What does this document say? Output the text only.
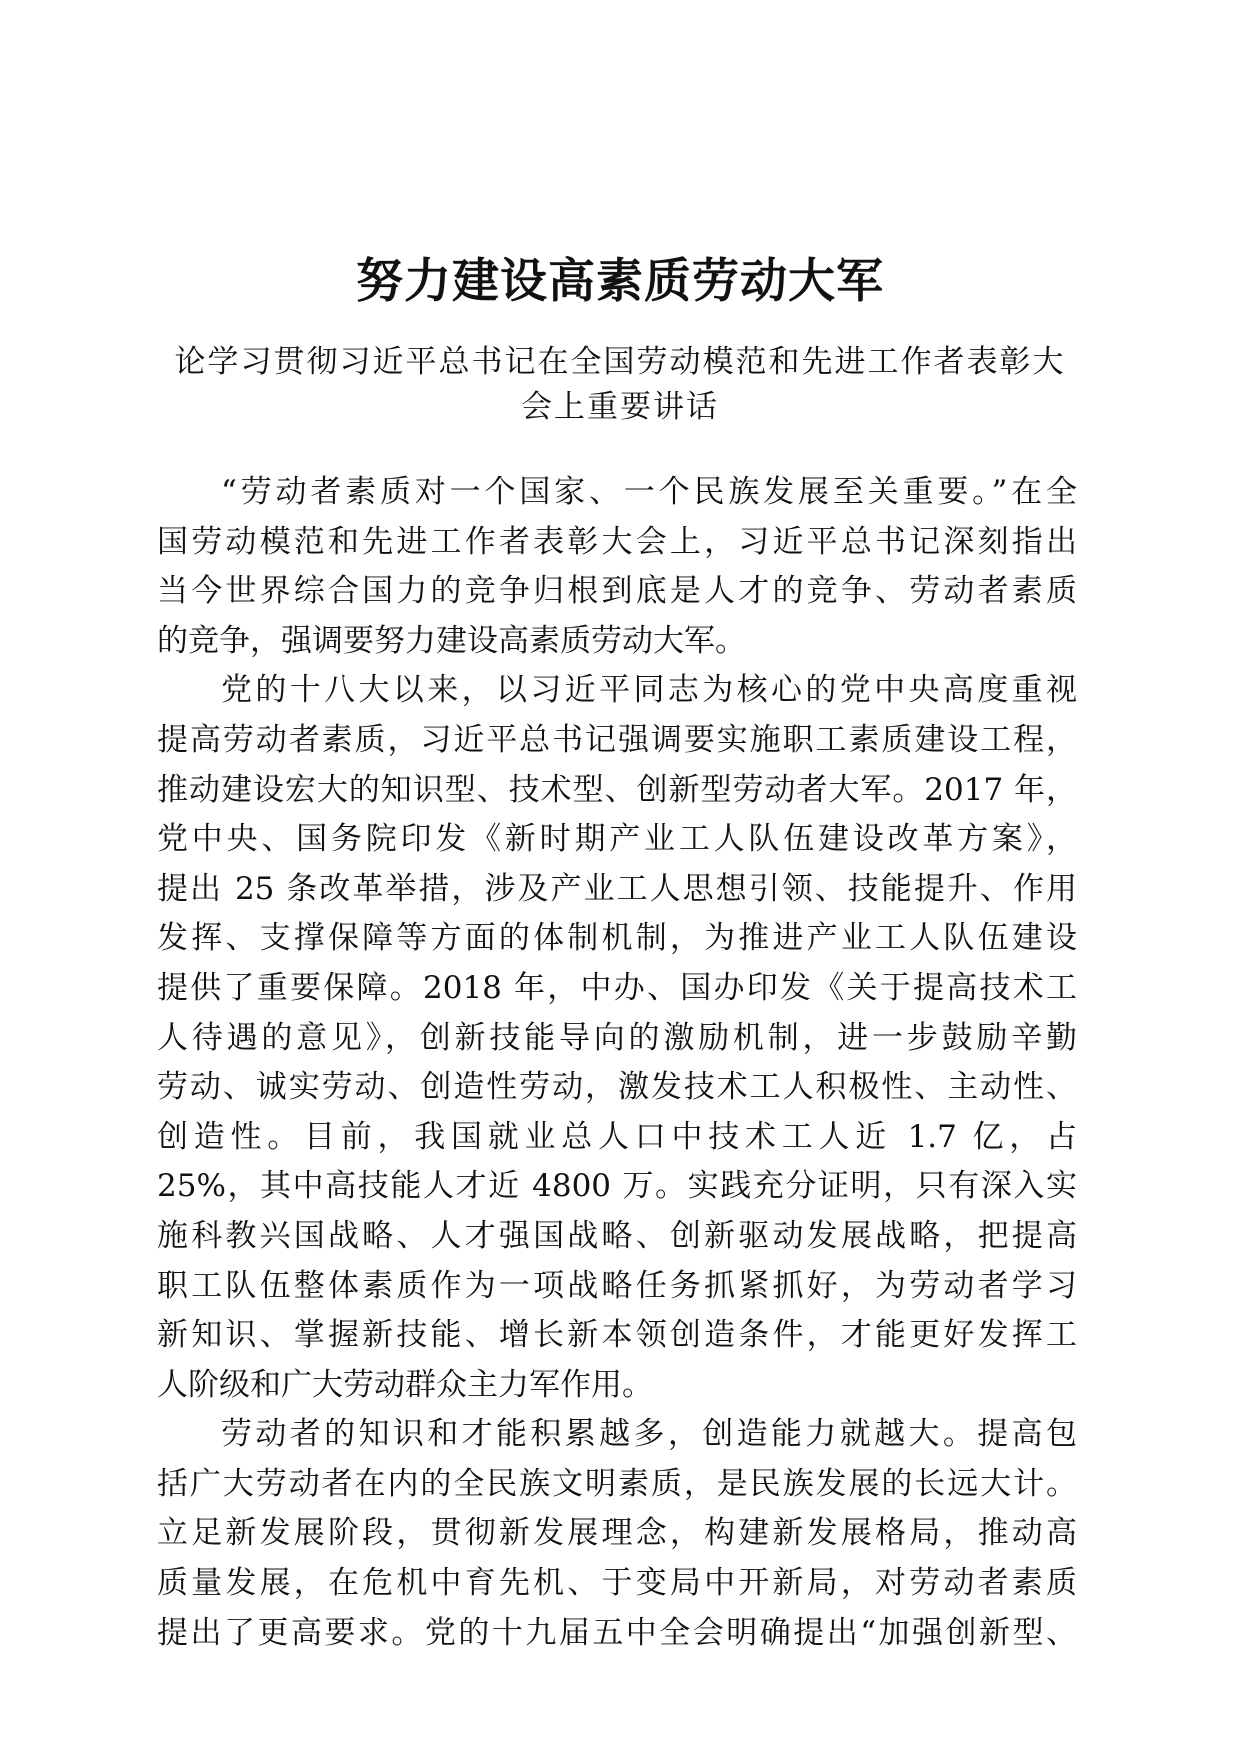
努力建设高素质劳动大军
论学习贯彻习近平总书记在全国劳动模范和先进工作者表彰大
会上重要讲话
“劳动者素质对一个国家、一个民族发展至关重要。”在全
国劳动模范和先进工作者表彰大会上，习近平总书记深刻指出
当今世界综合国力的竞争归根到底是人才的竞争、劳动者素质
的竞争，强调要努力建设高素质劳动大军。
党的十八大以来，以习近平同志为核心的党中央高度重视
提高劳动者素质，习近平总书记强调要实施职工素质建设工程，
推动建设宏大的知识型、技术型、创新型劳动者大军。2017 年，
党中央、国务院印发《新时期产业工人队伍建设改革方案》，
提出 25 条改革举措，涉及产业工人思想引领、技能提升、作用
发挥、支撑保障等方面的体制机制，为推进产业工人队伍建设
提供了重要保障。2018 年，中办、国办印发《关于提高技术工
人待遇的意见》，创新技能导向的激励机制，进一步鼓励辛勤
劳动、诚实劳动、创造性劳动，激发技术工人积极性、主动性、
创造性。目前，我国就业总人口中技术工人近 1.7 亿，占
25%，其中高技能人才近 4800 万。实践充分证明，只有深入实
施科教兴国战略、人才强国战略、创新驱动发展战略，把提高
职工队伍整体素质作为一项战略任务抓紧抓好，为劳动者学习
新知识、掌握新技能、增长新本领创造条件，才能更好发挥工
人阶级和广大劳动群众主力军作用。
劳动者的知识和才能积累越多，创造能力就越大。提高包
括广大劳动者在内的全民族文明素质，是民族发展的长远大计。
立足新发展阶段，贯彻新发展理念，构建新发展格局，推动高
质量发展，在危机中育先机、于变局中开新局，对劳动者素质
提出了更高要求。党的十九届五中全会明确提出“加强创新型、
